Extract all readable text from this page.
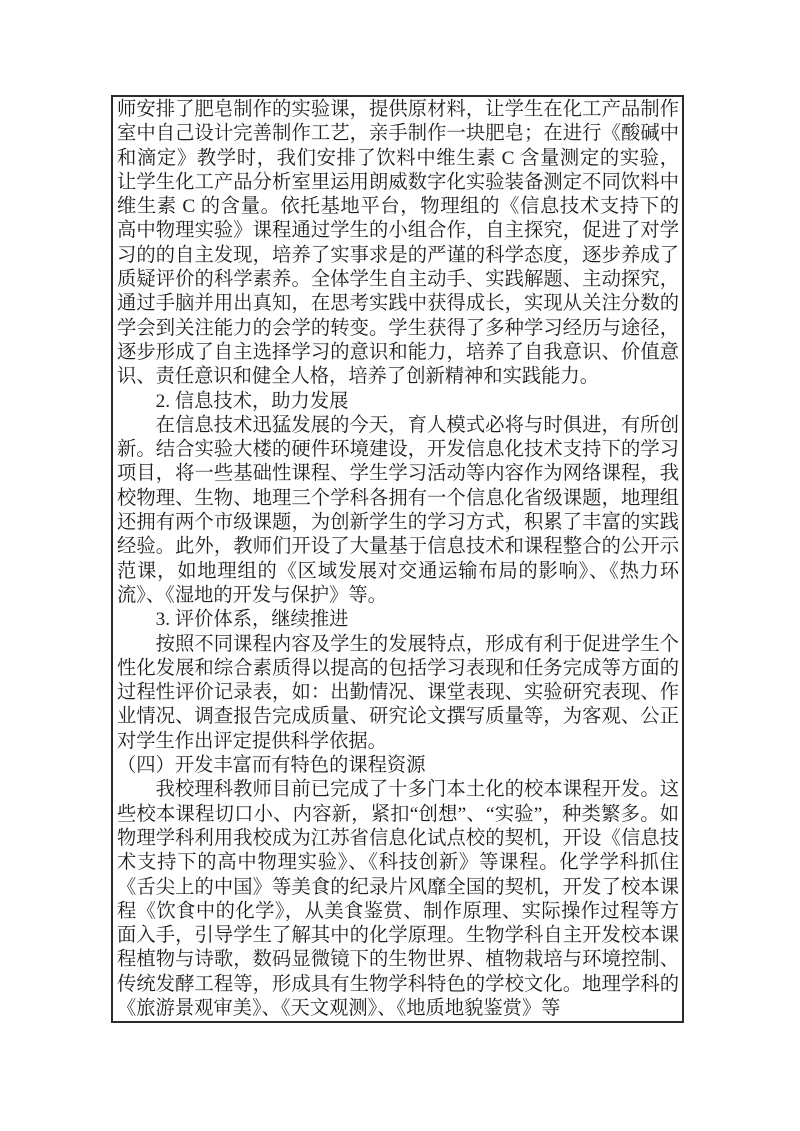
师安排了肥皂制作的实验课，提供原材料，让学生在化工产品制作室中自己设计完善制作工艺，亲手制作一块肥皂；在进行《酸碱中和滴定》教学时，我们安排了饮料中维生素 C 含量测定的实验，让学生化工产品分析室里运用朗威数字化实验装备测定不同饮料中维生素 C 的含量。依托基地平台，物理组的《信息技术支持下的高中物理实验》课程通过学生的小组合作，自主探究，促进了对学习的的自主发现，培养了实事求是的严谨的科学态度，逐步养成了质疑评价的科学素养。全体学生自主动手、实践解题、主动探究，通过手脑并用出真知，在思考实践中获得成长，实现从关注分数的学会到关注能力的会学的转变。学生获得了多种学习经历与途径，逐步形成了自主选择学习的意识和能力，培养了自我意识、价值意识、责任意识和健全人格，培养了创新精神和实践能力。

2. 信息技术，助力发展

在信息技术迅猛发展的今天，育人模式必将与时俱进，有所创新。结合实验大楼的硬件环境建设，开发信息化技术支持下的学习项目，将一些基础性课程、学生学习活动等内容作为网络课程，我校物理、生物、地理三个学科各拥有一个信息化省级课题，地理组还拥有两个市级课题，为创新学生的学习方式，积累了丰富的实践经验。此外，教师们开设了大量基于信息技术和课程整合的公开示范课，如地理组的《区域发展对交通运输布局的影响》、《热力环流》、《湿地的开发与保护》等。

3. 评价体系，继续推进

按照不同课程内容及学生的发展特点，形成有利于促进学生个性化发展和综合素质得以提高的包括学习表现和任务完成等方面的过程性评价记录表，如：出勤情况、课堂表现、实验研究表现、作业情况、调查报告完成质量、研究论文撰写质量等，为客观、公正对学生作出评定提供科学依据。

（四）开发丰富而有特色的课程资源

我校理科教师目前已完成了十多门本土化的校本课程开发。这些校本课程切口小、内容新，紧扣“创想”、“实验”，种类繁多。如物理学科利用我校成为江苏省信息化试点校的契机，开设《信息技术支持下的高中物理实验》、《科技创新》等课程。化学学科抓住《舌尖上的中国》等美食的纪录片风靡全国的契机，开发了校本课程《饮食中的化学》，从美食鉴赏、制作原理、实际操作过程等方面入手，引导学生了解其中的化学原理。生物学科自主开发校本课程植物与诗歌，数码显微镜下的生物世界、植物栽培与环境控制、传统发酵工程等，形成具有生物学科特色的学校文化。地理学科的《旅游景观审美》、《天文观测》、《地质地貌鉴赏》等
